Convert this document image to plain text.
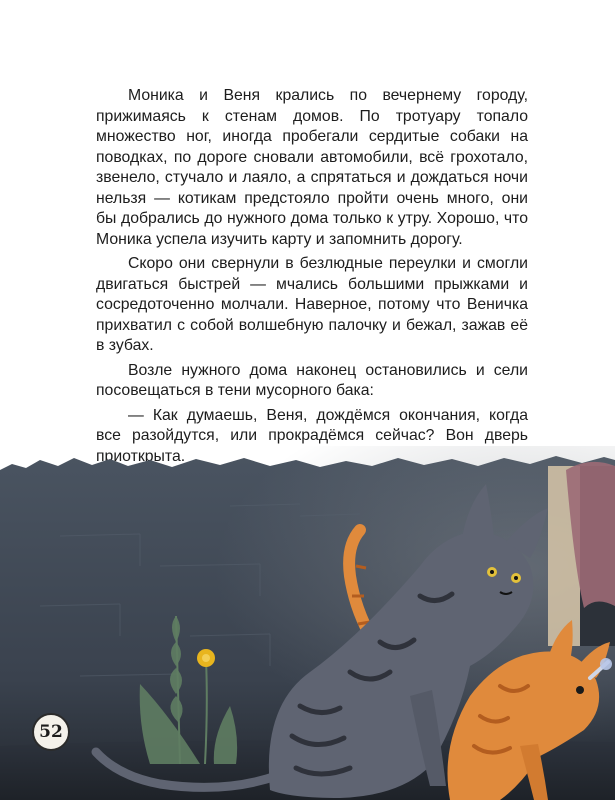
Моника и Веня крались по вечернему городу, прижимаясь к стенам домов. По тротуару топало множество ног, иногда пробегали сердитые собаки на поводках, по дороге сновали автомобили, всё грохотало, звенело, стучало и лаяло, а спрятаться и дождаться ночи нельзя — котикам предстояло пройти очень много, они бы добрались до нужного дома только к утру. Хорошо, что Моника успела изучить карту и запомнить дорогу.

Скоро они свернули в безлюдные переулки и смогли двигаться быстрей — мчались большими прыжками и сосредоточенно молчали. Наверное, потому что Веничка прихватил с собой волшебную палочку и бежал, зажав её в зубах.

Возле нужного дома наконец остановились и сели посовещаться в тени мусорного бака:

— Как думаешь, Веня, дождёмся окончания, когда все разойдутся, или прокрадёмся сейчас? Вон дверь

52
